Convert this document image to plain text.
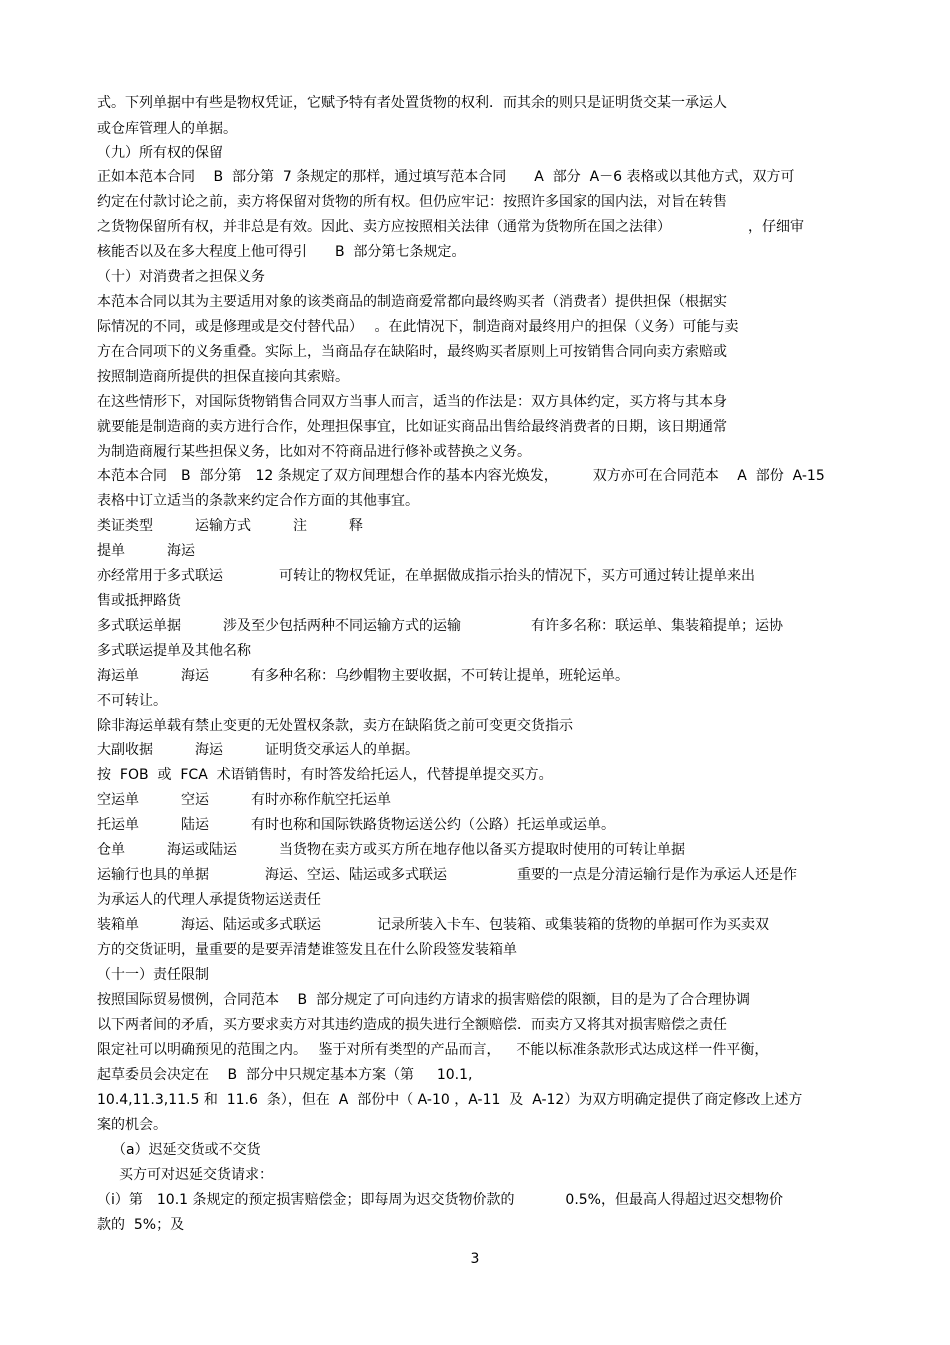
式。下列单据中有些是物权凭证，它赋予特有者处置货物的权利．而其余的则只是证明货交某一承运人
或仓库管理人的单据。
（九）所有权的保留
正如本范本合同　 B  部分第  7 条规定的那样，通过填写范本合同　　A  部分  A－6 表格或以其他方式，双方可
约定在付款讨论之前，卖方将保留对货物的所有权。但仍应牢记：按照许多国家的国内法，对旨在转售
之货物保留所有权，并非总是有效。因此、卖方应按照相关法律（通常为货物所在国之法律）　　　　　　，仔细审
核能否以及在多大程度上他可得引　　B  部分第七条规定。
（十）对消费者之担保义务
本范本合同以其为主要适用对象的该类商品的制造商爱常都向最终购买者（消费者）提供担保（根据实
际情况的不同，或是修理或是交付替代品）　 。在此情况下，制造商对最终用户的担保（义务）可能与卖
方在合同项下的义务重叠。实际上，当商品存在缺陷时，最终购买者原则上可按销售合同向卖方索赔或
按照制造商所提供的担保直接向其索赔。
在这些情形下，对国际货物销售合同双方当事人而言，适当的作法是：双方具体约定，买方将与其本身
就要能是制造商的卖方进行合作，处理担保事宜，比如证实商品出售给最终消费者的日期，该日期通常
为制造商履行某些担保义务，比如对不符商品进行修补或替换之义务。
本范本合同　B  部分第　12 条规定了双方间理想合作的基本内容光焕发，　　　双方亦可在合同范本　 A  部份  A-15
表格中订立适当的条款来约定合作方面的其他事宜。
类证类型　　　运输方式　　　注　　　释
提单　　　海运
亦经常用于多式联运　　　　可转让的物权凭证，在单据做成指示抬头的情况下，买方可通过转让提单来出
售或抵押路货
多式联运单据　　　涉及至少包括两种不同运输方式的运输　　　　　有许多名称：联运单、集装箱提单；运协
多式联运提单及其他名称
海运单　　　海运　　　有多种名称：乌纱帽物主要收据，不可转让提单，班轮运单。
不可转让。
除非海运单载有禁止变更的无处置权条款，卖方在缺陷货之前可变更交货指示
大副收据　　　海运　　　证明货交承运人的单据。
按  FOB  或  FCA  术语销售时，有时答发给托运人，代替提单提交买方。
空运单　　　空运　　　有时亦称作航空托运单
托运单　　　陆运　　　有时也称和国际铁路货物运送公约（公路）托运单或运单。
仓单　　　海运或陆运　　　当货物在卖方或买方所在地存他以备买方提取时使用的可转让单据
运输行也具的单据　　　　海运、空运、陆运或多式联运　　　　　重要的一点是分清运输行是作为承运人还是作
为承运人的代理人承提货物运送责任
装箱单　　　海运、陆运或多式联运　　　　记录所装入卡车、包装箱、或集装箱的货物的单据可作为买卖双
方的交货证明，量重要的是要弄清楚谁签发且在什么阶段签发装箱单
（十一）责任限制
按照国际贸易惯例，合同范本　 B  部分规定了可向违约方请求的损害赔偿的限额，目的是为了合合理协调
以下两者间的矛盾，买方要求卖方对其违约造成的损失进行全额赔偿．而卖方又将其对损害赔偿之责任
限定社可以明确预见的范围之内。　 鉴于对所有类型的产品而言，　  不能以标准条款形式达成这样一件平衡，
起草委员会决定在　 B  部分中只规定基本方案（第　  10.1,
10.4,11.3,11.5 和  11.6  条），但在  A  部份中（ A-10 ，A-11  及  A-12）为双方明确定提供了商定修改上述方
案的机会。
　（a）迟延交货或不交货
　买方可对迟延交货请求：
（ⅰ）第　10.1 条规定的预定损害赔偿金；即每周为迟交货物价款的　　　  0.5%，但最高人得超过迟交想物价
款的  5%；及
3
